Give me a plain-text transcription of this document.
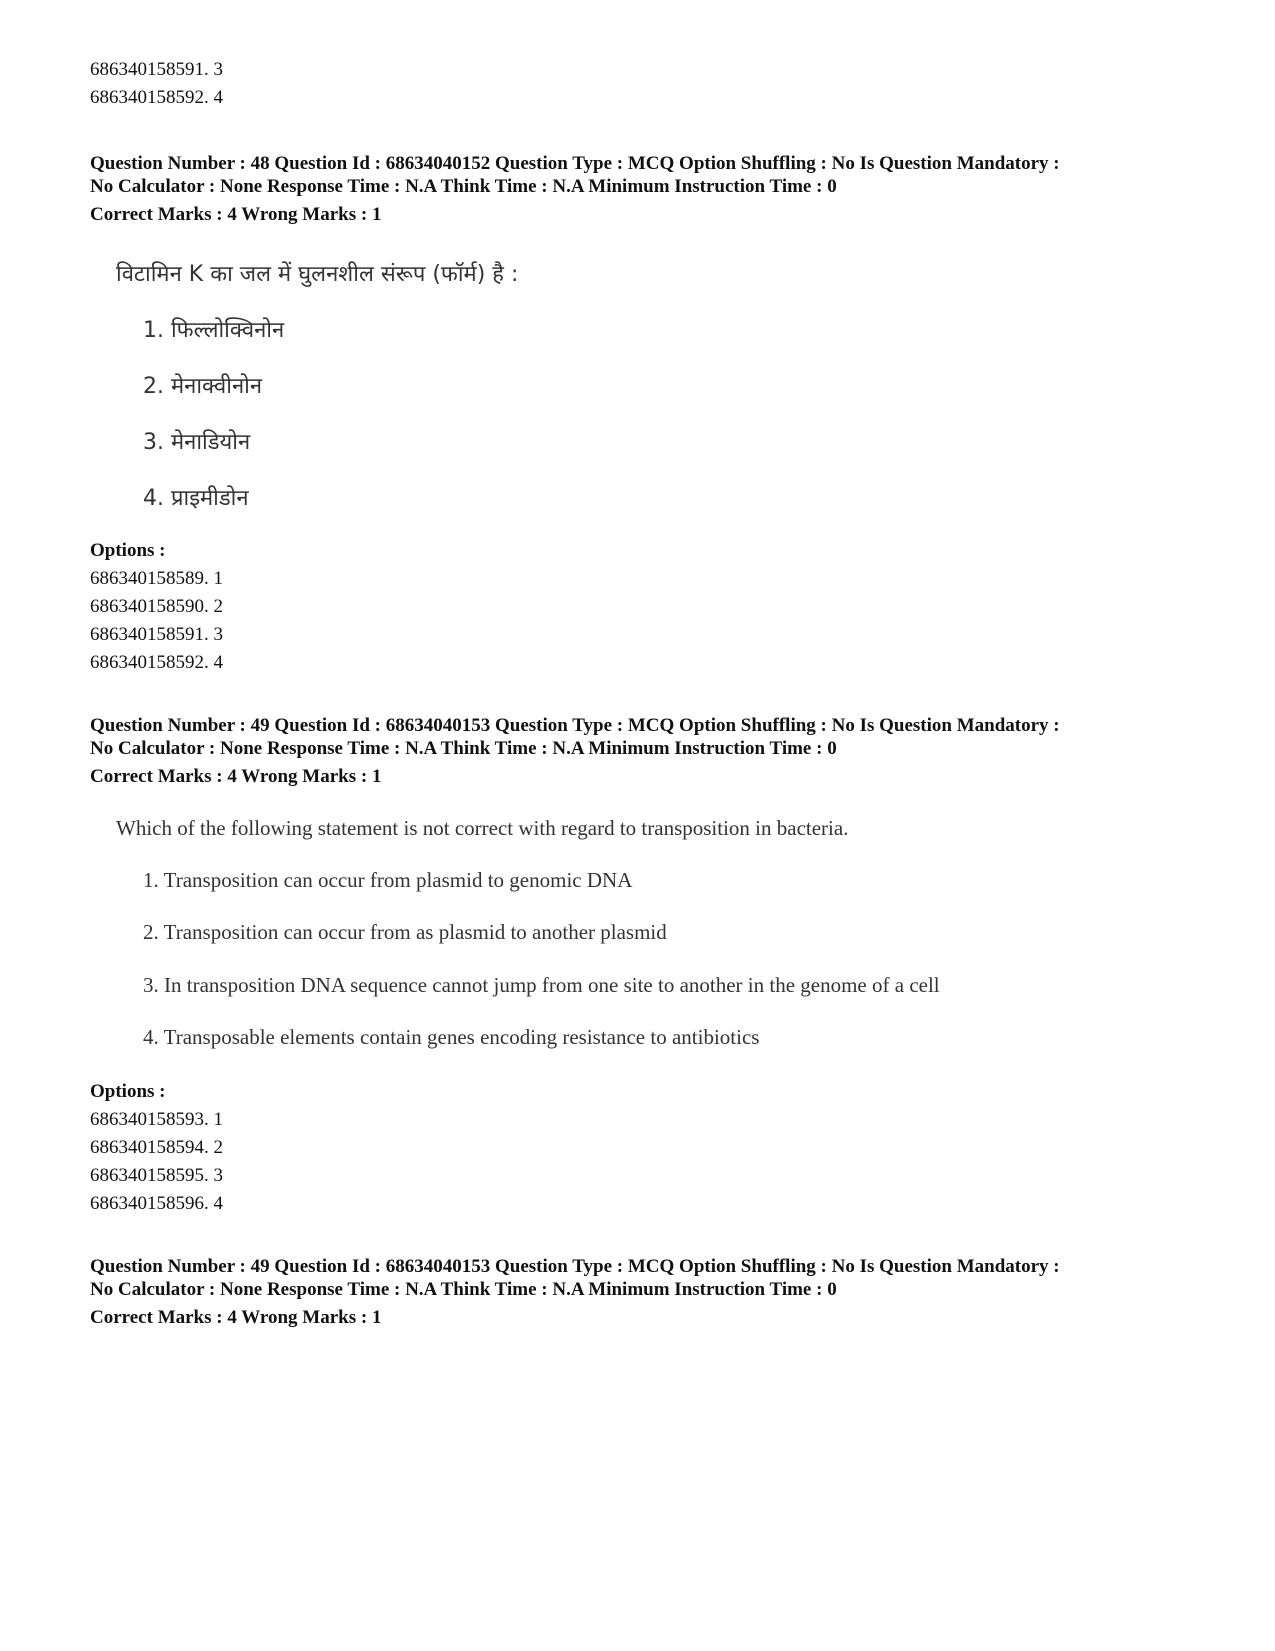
686340158591. 3
686340158592. 4
Question Number : 48 Question Id : 68634040152 Question Type : MCQ Option Shuffling : No Is Question Mandatory :
No Calculator : None Response Time : N.A Think Time : N.A Minimum Instruction Time : 0
Correct Marks : 4 Wrong Marks : 1
विटामिन K का जल में घुलनशील संरूप (फॉर्म) है :
1. फिल्लोक्विनोन
2. मेनाक्वीनोन
3. मेनाडियोन
4. प्राइमीडोन
Options :
686340158589. 1
686340158590. 2
686340158591. 3
686340158592. 4
Question Number : 49 Question Id : 68634040153 Question Type : MCQ Option Shuffling : No Is Question Mandatory :
No Calculator : None Response Time : N.A Think Time : N.A Minimum Instruction Time : 0
Correct Marks : 4 Wrong Marks : 1
Which of the following statement is not correct with regard to transposition in bacteria.
1. Transposition can occur from plasmid to genomic DNA
2. Transposition can occur from as plasmid to another plasmid
3. In transposition DNA sequence cannot jump from one site to another in the genome of a cell
4. Transposable elements contain genes encoding resistance to antibiotics
Options :
686340158593. 1
686340158594. 2
686340158595. 3
686340158596. 4
Question Number : 49 Question Id : 68634040153 Question Type : MCQ Option Shuffling : No Is Question Mandatory :
No Calculator : None Response Time : N.A Think Time : N.A Minimum Instruction Time : 0
Correct Marks : 4 Wrong Marks : 1
